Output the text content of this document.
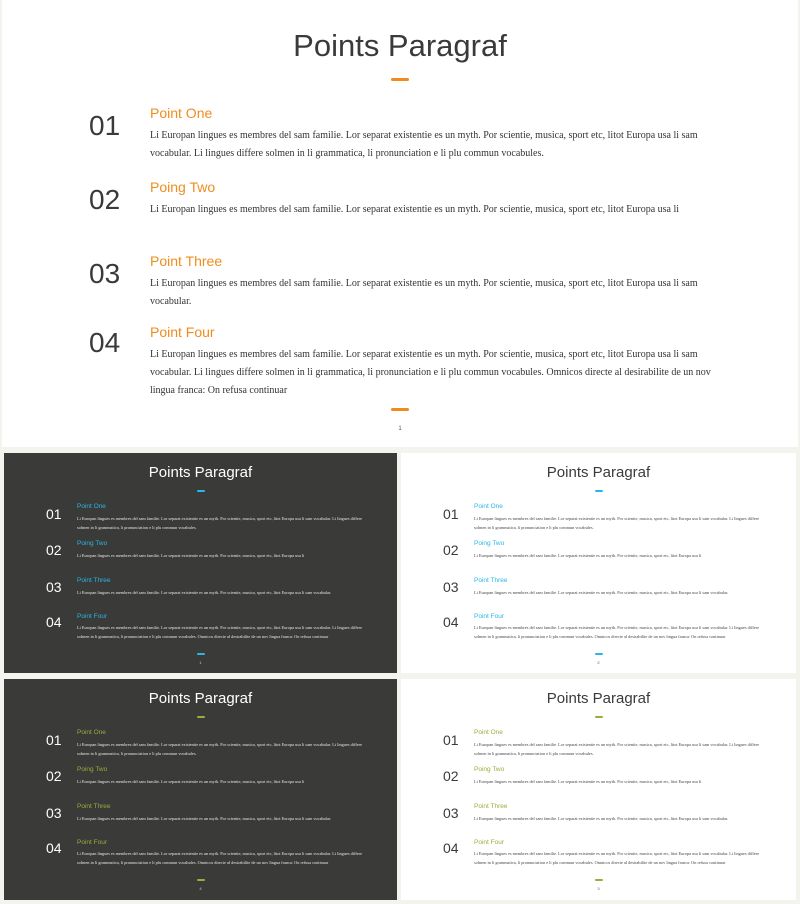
Points Paragraf
01 Point One
Li Europan lingues es membres del sam familie. Lor separat existentie es un myth. Por scientie, musica, sport etc, litot Europa usa li sam vocabular. Li lingues differe solmen in li grammatica, li pronunciation e li plu commun vocabules.
02 Poing Two
Li Europan lingues es membres del sam familie. Lor separat existentie es un myth. Por scientie, musica, sport etc, litot Europa usa li
03 Point Three
Li Europan lingues es membres del sam familie. Lor separat existentie es un myth. Por scientie, musica, sport etc, litot Europa usa li sam vocabular.
04 Point Four
Li Europan lingues es membres del sam familie. Lor separat existentie es un myth. Por scientie, musica, sport etc, litot Europa usa li sam vocabular. Li lingues differe solmen in li grammatica, li pronunciation e li plu commun vocabules. Omnicos directe al desirabilite de un nov lingua franca: On refusa continuar
1
Points Paragraf
01 Point One
Li Europan lingues es membres del sam familie. Lor separat existentie es un myth. Por scientie, musica, sport etc, litot Europa usa li sam vocabular. Li lingues differe solmen in li grammatica, li pronunciation e li plu commun vocabules.
02 Poing Two
Li Europan lingues es membres del sam familie. Lor separat existentie es un myth. Por scientie, musica, sport etc, litot Europa usa li
03 Point Three
Li Europan lingues es membres del sam familie. Lor separat existentie es un myth. Por scientie, musica, sport etc, litot Europa usa li sam vocabular.
04 Point Four
Li Europan lingues es membres del sam familie. Lor separat existentie es un myth. Por scientie, musica, sport etc, litot Europa usa li sam vocabular. Li lingues differe solmen in li grammatica, li pronunciation e li plu commun vocabules. Omnicos directe al desirabilite de un nov lingua franca: On refusa continuar
1
Points Paragraf
01 Point One
Li Europan lingues es membres del sam familie. Lor separat existentie es un myth. Por scientie, musica, sport etc, litot Europa usa li sam vocabular. Li lingues differe solmen in li grammatica, li pronunciation e li plu commun vocabules.
02 Poing Two
Li Europan lingues es membres del sam familie. Lor separat existentie es un myth. Por scientie, musica, sport etc, litot Europa usa li
03 Point Three
Li Europan lingues es membres del sam familie. Lor separat existentie es un myth. Por scientie, musica, sport etc, litot Europa usa li sam vocabular.
04 Point Four
Li Europan lingues es membres del sam familie. Lor separat existentie es un myth. Por scientie, musica, sport etc, litot Europa usa li sam vocabular. Li lingues differe solmen in li grammatica, li pronunciation e li plu commun vocabules. Omnicos directe al desirabilite de un nov lingua franca: On refusa continuar
2
Points Paragraf
01 Point One
Li Europan lingues es membres del sam familie. Lor separat existentie es un myth. Por scientie, musica, sport etc, litot Europa usa li sam vocabular. Li lingues differe solmen in li grammatica, li pronunciation e li plu commun vocabules.
02 Poing Two
Li Europan lingues es membres del sam familie. Lor separat existentie es un myth. Por scientie, musica, sport etc, litot Europa usa li
03 Point Three
Li Europan lingues es membres del sam familie. Lor separat existentie es un myth. Por scientie, musica, sport etc, litot Europa usa li sam vocabular.
04 Point Four
Li Europan lingues es membres del sam familie. Lor separat existentie es un myth. Por scientie, musica, sport etc, litot Europa usa li sam vocabular. Li lingues differe solmen in li grammatica, li pronunciation e li plu commun vocabules. Omnicos directe al desirabilite de un nov lingua franca: On refusa continuar
4
Points Paragraf
01 Point One
Li Europan lingues es membres del sam familie. Lor separat existentie es un myth. Por scientie, musica, sport etc, litot Europa usa li sam vocabular. Li lingues differe solmen in li grammatica, li pronunciation e li plu commun vocabules.
02 Poing Two
Li Europan lingues es membres del sam familie. Lor separat existentie es un myth. Por scientie, musica, sport etc, litot Europa usa li
03 Point Three
Li Europan lingues es membres del sam familie. Lor separat existentie es un myth. Por scientie, musica, sport etc, litot Europa usa li sam vocabular.
04 Point Four
Li Europan lingues es membres del sam familie. Lor separat existentie es un myth. Por scientie, musica, sport etc, litot Europa usa li sam vocabular. Li lingues differe solmen in li grammatica, li pronunciation e li plu commun vocabules. Omnicos directe al desirabilite de un nov lingua franca: On refusa continuar
3
